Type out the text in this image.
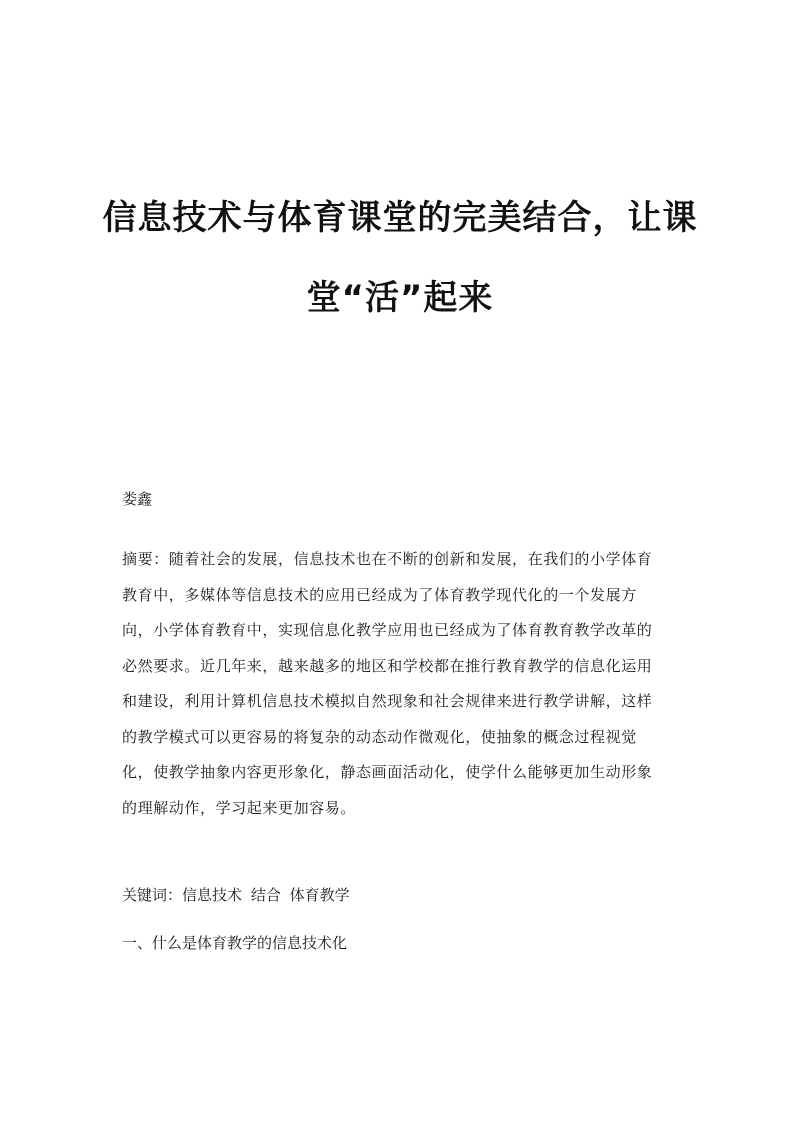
信息技术与体育课堂的完美结合，让课
堂“活”起来
娄鑫
摘要：随着社会的发展，信息技术也在不断的创新和发展，在我们的小学体育
教育中，多媒体等信息技术的应用已经成为了体育教学现代化的一个发展方
向，小学体育教育中，实现信息化教学应用也已经成为了体育教育教学改革的
必然要求。近几年来，越来越多的地区和学校都在推行教育教学的信息化运用
和建设，利用计算机信息技术模拟自然现象和社会规律来进行教学讲解，这样
的教学模式可以更容易的将复杂的动态动作微观化，使抽象的概念过程视觉
化，使教学抽象内容更形象化，静态画面活动化，使学什么能够更加生动形象
的理解动作，学习起来更加容易。
关键词：信息技术 结合 体育教学
一、什么是体育教学的信息技术化
